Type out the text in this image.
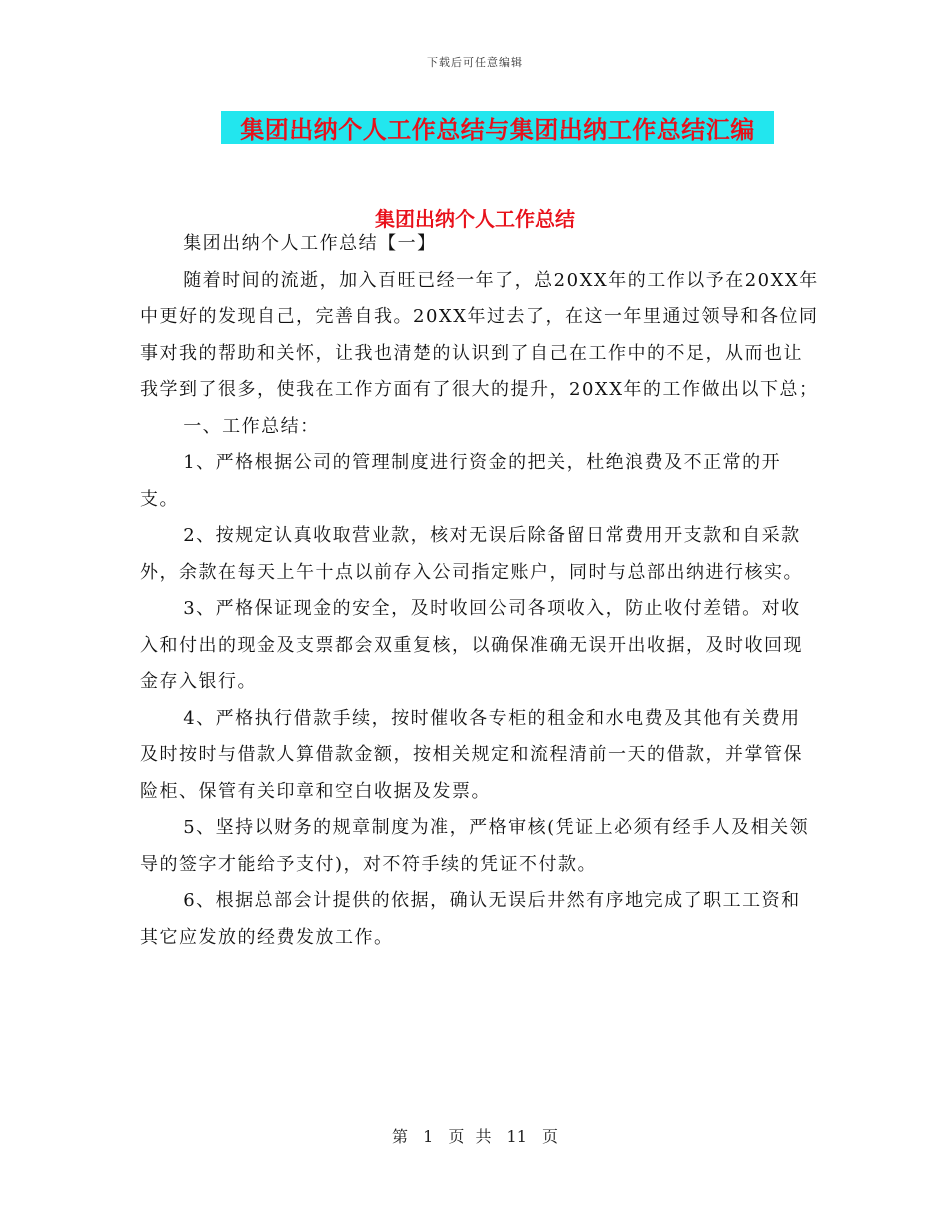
下载后可任意编辑
集团出纳个人工作总结与集团出纳工作总结汇编
集团出纳个人工作总结

集团出纳个人工作总结【一】

随着时间的流逝，加入百旺已经一年了，总20XX年的工作以予在20XX年中更好的发现自己，完善自我。20XX年过去了，在这一年里通过领导和各位同事对我的帮助和关怀，让我也清楚的认识到了自己在工作中的不足，从而也让我学到了很多，使我在工作方面有了很大的提升，20XX年的工作做出以下总；

一、工作总结：

1、严格根据公司的管理制度进行资金的把关，杜绝浪费及不正常的开支。

2、按规定认真收取营业款，核对无误后除备留日常费用开支款和自采款外，余款在每天上午十点以前存入公司指定账户，同时与总部出纳进行核实。

3、严格保证现金的安全，及时收回公司各项收入，防止收付差错。对收入和付出的现金及支票都会双重复核，以确保准确无误开出收据，及时收回现金存入银行。

4、严格执行借款手续，按时催收各专柜的租金和水电费及其他有关费用及时按时与借款人算借款金额，按相关规定和流程清前一天的借款，并掌管保险柜、保管有关印章和空白收据及发票。

5、坚持以财务的规章制度为准，严格审核(凭证上必须有经手人及相关领导的签字才能给予支付)，对不符手续的凭证不付款。

6、根据总部会计提供的依据，确认无误后井然有序地完成了职工工资和其它应发放的经费发放工作。

第 1 页 共 11 页
